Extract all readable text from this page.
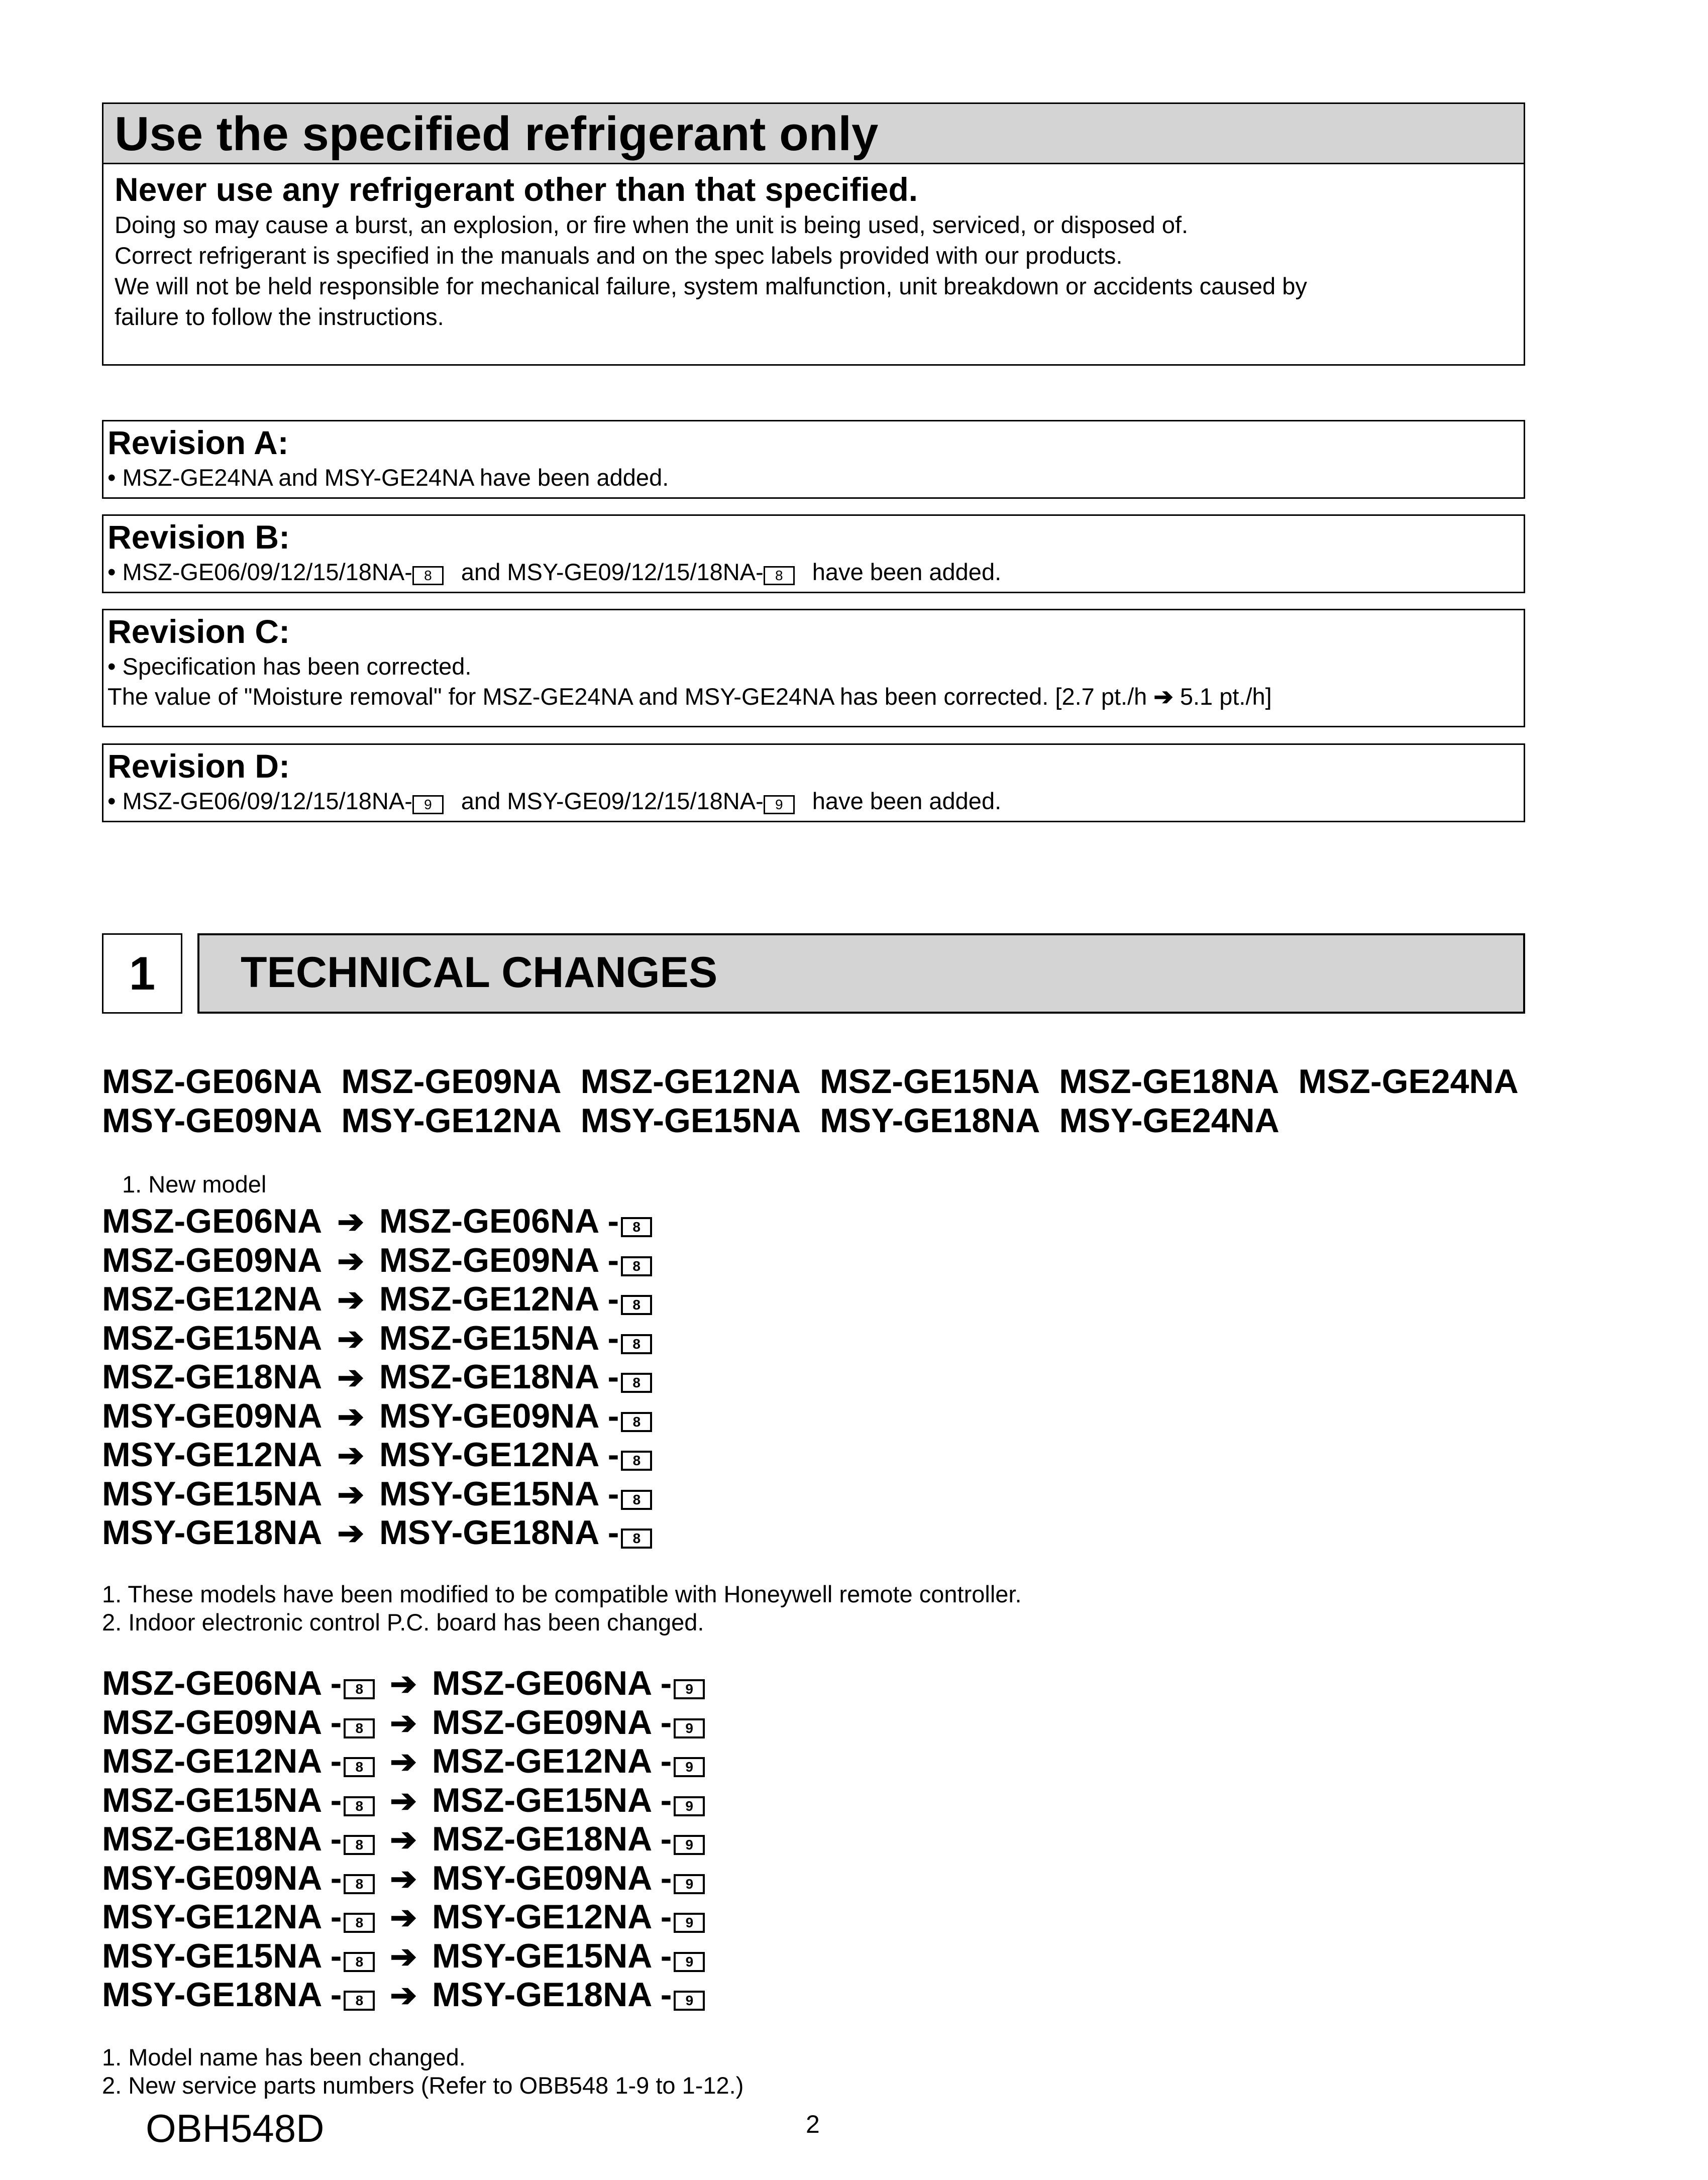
Use the specified refrigerant only
Never use any refrigerant other than that specified.
Doing so may cause a burst, an explosion, or fire when the unit is being used, serviced, or disposed of.
Correct refrigerant is specified in the manuals and on the spec labels provided with our products.
We will not be held responsible for mechanical failure, system malfunction, unit breakdown or accidents caused by
failure to follow the instructions.
Revision A:
• MSZ-GE24NA and MSY-GE24NA have been added.
Revision B:
• MSZ-GE06/09/12/15/18NA- 8 and MSY-GE09/12/15/18NA- 8 have been added.
Revision C:
• Specification has been corrected.
The value of "Moisture removal" for MSZ-GE24NA and MSY-GE24NA has been corrected. [2.7 pt./h ➔ 5.1 pt./h]
Revision D:
• MSZ-GE06/09/12/15/18NA- 9 and MSY-GE09/12/15/18NA- 9 have been added.
1	TECHNICAL CHANGES
MSZ-GE06NA MSZ-GE09NA MSZ-GE12NA MSZ-GE15NA MSZ-GE18NA MSZ-GE24NA
MSY-GE09NA MSY-GE12NA MSY-GE15NA MSY-GE18NA MSY-GE24NA
1. New model
MSZ-GE06NA ➔ MSZ-GE06NA - 8
MSZ-GE09NA ➔ MSZ-GE09NA - 8
MSZ-GE12NA ➔ MSZ-GE12NA - 8
MSZ-GE15NA ➔ MSZ-GE15NA - 8
MSZ-GE18NA ➔ MSZ-GE18NA - 8
MSY-GE09NA ➔ MSY-GE09NA - 8
MSY-GE12NA ➔ MSY-GE12NA - 8
MSY-GE15NA ➔ MSY-GE15NA - 8
MSY-GE18NA ➔ MSY-GE18NA - 8
1. These models have been modified to be compatible with Honeywell remote controller.
2. Indoor electronic control P.C. board has been changed.
MSZ-GE06NA - 8 ➔ MSZ-GE06NA - 9
MSZ-GE09NA - 8 ➔ MSZ-GE09NA - 9
MSZ-GE12NA - 8 ➔ MSZ-GE12NA - 9
MSZ-GE15NA - 8 ➔ MSZ-GE15NA - 9
MSZ-GE18NA - 8 ➔ MSZ-GE18NA - 9
MSY-GE09NA - 8 ➔ MSY-GE09NA - 9
MSY-GE12NA - 8 ➔ MSY-GE12NA - 9
MSY-GE15NA - 8 ➔ MSY-GE15NA - 9
MSY-GE18NA - 8 ➔ MSY-GE18NA - 9
1. Model name has been changed.
2. New service parts numbers (Refer to OBB548 1-9 to 1-12.)
OBH548D	2
